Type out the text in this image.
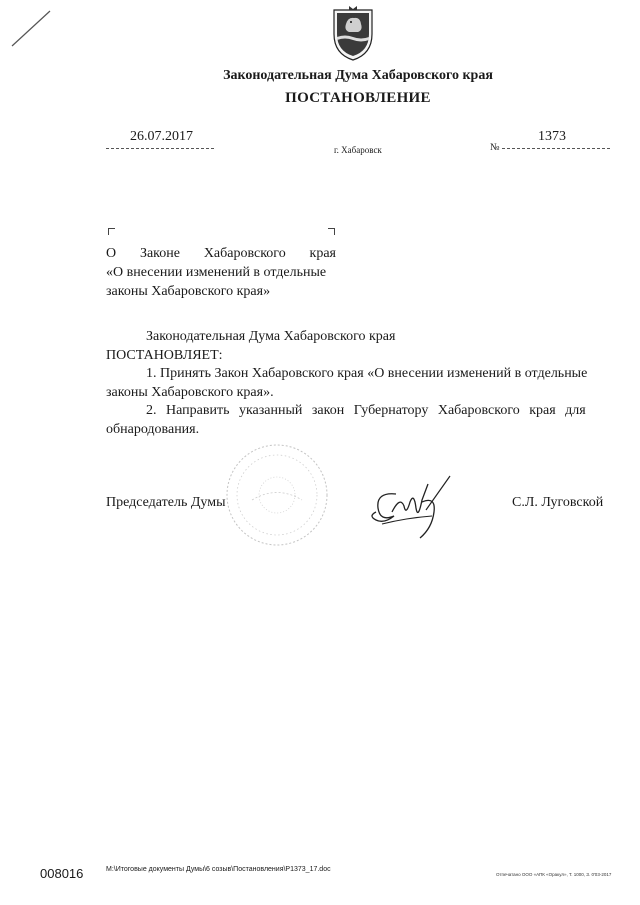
Законодательная Дума Хабаровского края
ПОСТАНОВЛЕНИЕ
26.07.2017
г. Хабаровск	№
1373
О Законе Хабаровского края
«О внесении изменений в отдельные
законы Хабаровского края»
Законодательная Дума Хабаровского края
ПОСТАНОВЛЯЕТ:
1. Принять Закон Хабаровского края «О внесении изменений в отдельные
законы Хабаровского края».
2. Направить указанный закон Губернатору Хабаровского края для
обнародования.
Председатель Думы	С.Л. Луговской
008016	M:\Итоговые документы Думы\6 созыв\Постановления\P1373_17.doc
Отпечатано ООО «АПК «Оракул», Т. 1000, З. 0'03-2017
